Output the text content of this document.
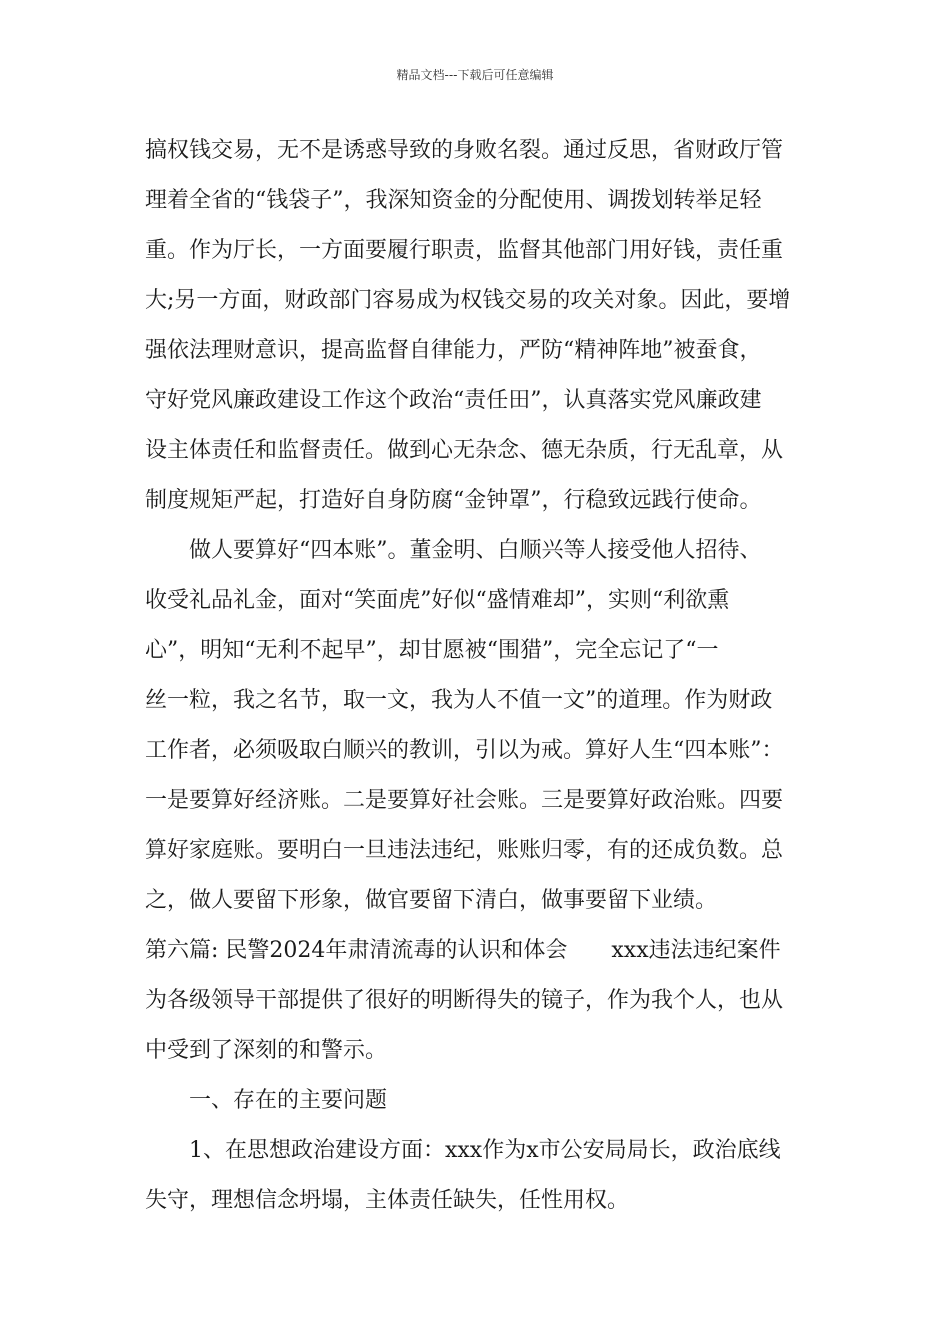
精品文档---下载后可任意编辑
搞权钱交易，无不是诱惑导致的身败名裂。通过反思，省财政厅管
理着全省的“钱袋子”，我深知资金的分配使用、调拨划转举足轻
重。作为厅长，一方面要履行职责，监督其他部门用好钱，责任重
大;另一方面，财政部门容易成为权钱交易的攻关对象。因此，要增
强依法理财意识，提高监督自律能力，严防“精神阵地”被蚕食，
守好党风廉政建设工作这个政治“责任田”，认真落实党风廉政建
设主体责任和监督责任。做到心无杂念、德无杂质，行无乱章，从
制度规矩严起，打造好自身防腐“金钟罩”，行稳致远践行使命。
做人要算好“四本账”。董金明、白顺兴等人接受他人招待、
收受礼品礼金，面对“笑面虎”好似“盛情难却”，实则“利欲熏
心”，明知“无利不起早”，却甘愿被“围猎”，完全忘记了“一
丝一粒，我之名节，取一文，我为人不值一文”的道理。作为财政
工作者，必须吸取白顺兴的教训，引以为戒。算好人生“四本账”：
一是要算好经济账。二是要算好社会账。三是要算好政治账。四要
算好家庭账。要明白一旦违法违纪，账账归零，有的还成负数。总
之，做人要留下形象，做官要留下清白，做事要留下业绩。
第六篇: 民警2024年肃清流毒的认识和体会　　xxx违法违纪案件
为各级领导干部提供了很好的明断得失的镜子，作为我个人，也从
中受到了深刻的和警示。
一、存在的主要问题
1、在思想政治建设方面：xxx作为x市公安局局长，政治底线
失守，理想信念坍塌，主体责任缺失，任性用权。
